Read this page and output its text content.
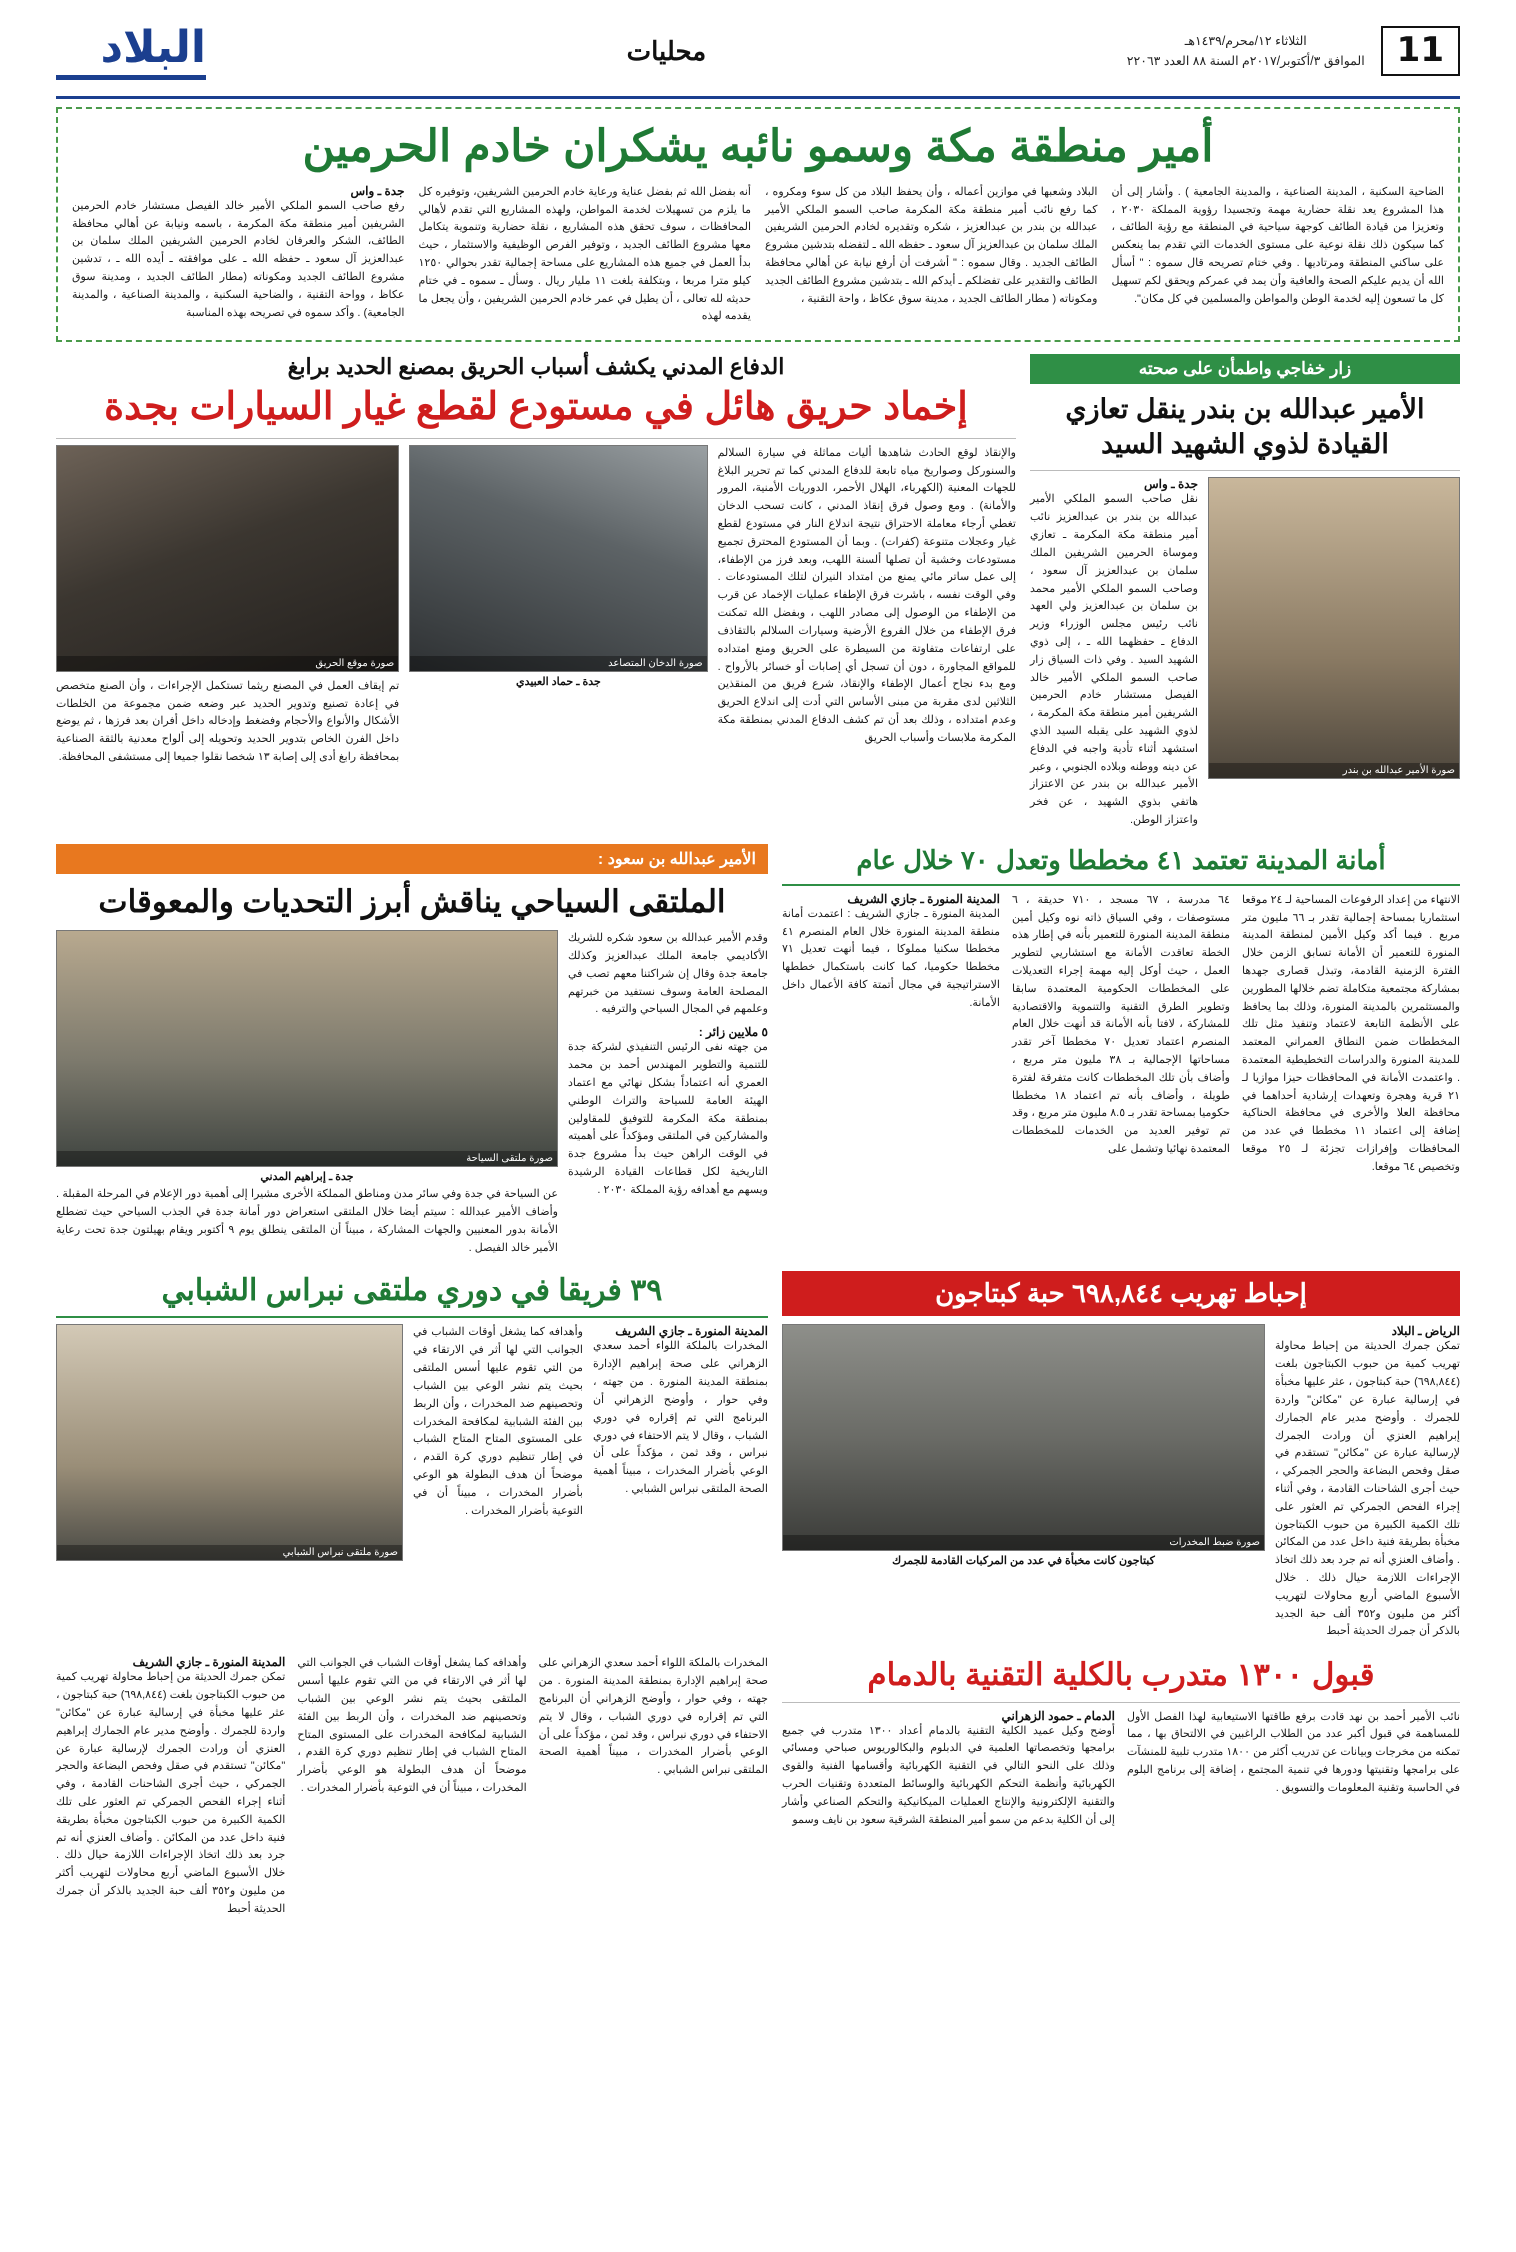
11
الثلاثاء ١٢/محرم/١٤٣٩هـ
الموافق ٣/أكتوبر/٢٠١٧م السنة ٨٨ العدد ٢٢٠٦٣
محليات
البلاد
أمير منطقة مكة وسمو نائبه يشكران خادم الحرمين
الضاحية السكنية ، المدينة الصناعية ، والمدينة الجامعية ) . وأشار إلى أن هذا المشروع يعد نقلة حضارية مهمة وتجسيدا رؤوية المملكة ٢٠٣٠ ، وتعزيزا من قيادة الطائف كوجهة سياحية في المنطقة مع رؤية الطائف ، كما سيكون ذلك نقلة نوعية على مستوى الخدمات التي تقدم بما ينعكس على ساكني المنطقة ومرتاديها . وفي ختام تصريحه قال سموه : " أسأل الله أن يديم عليكم الصحة والعافية وأن يمد في عمركم ويحقق لكم تسهيل كل ما تسعون إليه لخدمة الوطن والمواطن والمسلمين في كل مكان".
البلاد وشعبها في موازين أعماله ، وأن يحفظ البلاد من كل سوء ومكروه ، كما رفع نائب أمير منطقة مكة المكرمة صاحب السمو الملكي الأمير عبدالله بن بندر بن عبدالعزيز ، شكره وتقديره لخادم الحرمين الشريفين الملك سلمان بن عبدالعزيز آل سعود ـ حفظه الله ـ لتفضله بتدشين مشروع الطائف الجديد . وقال سموه : " أشرفت أن أرفع نيابة عن أهالي محافظة الطائف والتقدير على تفضلكم ـ أيدكم الله ـ بتدشين مشروع الطائف الجديد ومكوناته ( مطار الطائف الجديد ، مدينة سوق عكاظ ، واحة التقنية ،
أنه بفضل الله ثم بفضل عناية ورعاية خادم الحرمين الشريفين، وتوفيره كل ما يلزم من تسهيلات لخدمة المواطن، ولهذه المشاريع التي تقدم لأهالي المحافظات ، سوف تحقق هذه المشاريع ، نقلة حضارية وتنموية يتكامل معها مشروع الطائف الجديد ، وتوفير الفرص الوظيفية والاستثمار ، حيث بدأ العمل في جميع هذه المشاريع على مساحة إجمالية تقدر بحوالي ١٢٥٠ كيلو مترا مربعا ، وبتكلفة بلغت ١١ مليار ريال . وسأل ـ سموه ـ في ختام حديثه لله تعالى ، أن يطيل في عمر خادم الحرمين الشريفين ، وأن يجعل ما يقدمه لهذه
جدة ـ واس
رفع صاحب السمو الملكي الأمير خالد الفيصل مستشار خادم الحرمين الشريفين أمير منطقة مكة المكرمة ، باسمه ونيابة عن أهالي محافظة الطائف، الشكر والعرفان لخادم الحرمين الشريفين الملك سلمان بن عبدالعزيز آل سعود ـ حفظه الله ـ على موافقته ـ أيده الله ـ ، تدشين مشروع الطائف الجديد ومكوناته (مطار الطائف الجديد ، ومدينة سوق عكاظ ، وواحة التقنية ، والضاحية السكنية ، والمدينة الصناعية ، والمدينة الجامعية) . وأكد سموه في تصريحه بهذه المناسبة
زار خفاجي واطمأن على صحته
الأمير عبدالله بن بندر ينقل تعازي
القيادة لذوي الشهيد السيد
صورة الأمير عبدالله بن بندر
جدة ـ واس
نقل صاحب السمو الملكي الأمير عبدالله بن بندر بن عبدالعزيز نائب أمير منطقة مكة المكرمة ـ تعازي وموساة الحرمين الشريفين الملك سلمان بن عبدالعزيز آل سعود ، وصاحب السمو الملكي الأمير محمد بن سلمان بن عبدالعزيز ولي العهد نائب رئيس مجلس الوزراء وزير الدفاع ـ حفظهما الله ـ ، إلى ذوي الشهيد السيد . وفي ذات السياق زار صاحب السمو الملكي الأمير خالد الفيصل مستشار خادم الحرمين الشريفين أمير منطقة مكة المكرمة ، لذوي الشهيد على يقبله السيد الذي استشهد أثناء تأدية واجبه في الدفاع عن دينه ووطنه وبلاده الجنوبي ، وعبر الأمير عبدالله بن بندر عن الاعتزاز هاتفي بذوي الشهيد ، عن فخر واعتزاز الوطن.
الدفاع المدني يكشف أسباب الحريق بمصنع الحديد برابغ
إخماد حريق هائل في مستودع لقطع غيار السيارات بجدة
والإنقاذ لوقع الحادث شاهدها أليات مماثلة في سيارة السلالم والسنوركل وصواريخ مياه تابعة للدفاع المدني كما تم تحرير البلاغ للجهات المعنية (الكهرباء، الهلال الأحمر، الدوريات الأمنية، المرور والأمانة) . ومع وصول فرق إنقاذ المدني ، كانت تسحب الدخان تغطي أرجاء معاملة الاحتراق نتيجة اندلاع النار في مستودع لقطع غيار وعجلات متنوعة (كفرات) . وبما أن المستودع المحترق تجميع مستودعات وخشية أن تصلها ألسنة اللهب، وبعد فرز من الإطفاء، إلى عمل ساتر مائي يمنع من امتداد النيران لتلك المستودعات . وفي الوقت نفسه ، باشرت فرق الإطفاء عمليات الإخماد عن قرب من الإطفاء من الوصول إلى مصادر اللهب ، وبفضل الله تمكنت فرق الإطفاء من خلال الفروع الأرضية وسيارات السلالم بالتقاذف على ارتفاعات متفاوتة من السيطرة على الحريق ومنع امتداده للمواقع المجاورة ، دون أن تسجل أي إصابات أو خسائر بالأرواح . ومع بدء نجاح أعمال الإطفاء والإنقاذ، شرع فريق من المنقذين الثلاثين لدى مقربة من مبنى الأساس التي أدت إلى اندلاع الحريق وعدم امتداده ، وذلك بعد أن تم كشف الدفاع المدني بمنطقة مكة المكرمة ملابسات وأسباب الحريق
صورة الدخان المتصاعد
جدة ـ حماد العبيدي
صورة موقع الحريق
تم إيقاف العمل في المصنع ريثما تستكمل الإجراءات ، وأن الصنع متخصص في إعادة تصنيع وتدوير الحديد عبر وضعه ضمن مجموعة من الخلطات الأشكال والأنواع والأحجام وفضغط وإدخاله داخل أفران بعد فرزها ، ثم يوضع داخل الفرن الخاص بتدوير الحديد وتحويله إلى ألواح معدنية بالثقة الصناعية بمحافظة رابغ أدى إلى إصابة ١٣ شخصا نقلوا جميعا إلى مستشفى المحافظة.
أمانة المدينة تعتمد ٤١ مخططا وتعدل ٧٠ خلال عام
الانتهاء من إعداد الرفوعات المساحية لـ ٢٤ موقعا استثماريا بمساحة إجمالية تقدر بـ ٦٦ مليون متر مربع . فيما أكد وكيل الأمين لمنطقة المدينة المنورة للتعمير أن الأمانة تسابق الزمن خلال الفترة الزمنية القادمة، وتبذل قصارى جهدها بمشاركة مجتمعية متكاملة تضم خلالها المطورين والمستثمرين بالمدينة المنورة، وذلك بما يحافظ على الأنظمة التابعة لاعتماد وتنفيذ مثل تلك المخططات ضمن النطاق العمراني المعتمد للمدينة المنورة والدراسات التخطيطية المعتمدة . واعتمدت الأمانة في المحافظات حيزا موازيا لـ ٢١ قرية وهجرة وتعهدات إرشادية أحداهما في محافظة العلا والأخرى في محافظة الحناكية إضافة إلى اعتماد ١١ مخططا في عدد من المحافظات وإفرازات تجزئة لـ ٢٥ موقعا وتخصيص ٦٤ موقعا.
٦٤ مدرسة ، ٦٧ مسجد ، ٧١٠ حديقة ، ٦ مستوصفات ، وفي السياق ذاته نوه وكيل أمين منطقة المدينة المنورة للتعمير بأنه في إطار هذه الخطة تعاقدت الأمانة مع استشاريي لتطوير العمل ، حيث أوكل إليه مهمة إجراء التعديلات على المخططات الحكومية المعتمدة سابقا وتطوير الطرق التقنية والتنموية والاقتصادية للمشاركة ، لافتا بأنه الأمانة قد أنهت خلال العام المنصرم اعتماد تعديل ٧٠ مخططا آخر تقدر مساحاتها الإجمالية بـ ٣٨ مليون متر مربع ، وأضاف بأن تلك المخططات كانت متفرقة لفترة طويلة ، وأضاف بأنه تم اعتماد ١٨ مخططا حكوميا بمساحة تقدر بـ ٨.٥ مليون متر مربع ، وقد تم توفير العديد من الخدمات للمخططات المعتمدة نهائيا وتشمل على
المدينة المنورة ـ جازي الشريف
المدينة المنورة ـ جازي الشريف : اعتمدت أمانة منطقة المدينة المنورة خلال العام المنصرم ٤١ مخططا سكنيا مملوكا ، فيما أنهت تعديل ٧١ مخططا حكوميا، كما كانت باستكمال خططها الاستراتيجية في مجال أتمتة كافة الأعمال داخل الأمانة.
الأمير عبدالله بن سعود :
الملتقى السياحي يناقش أبرز التحديات والمعوقات
وقدم الأمير عبدالله بن سعود شكره للشريك الأكاديمي جامعة الملك عبدالعزيز وكذلك جامعة جدة وقال إن شراكتنا معهم تصب في المصلحة العامة وسوف نستفيد من خبرتهم وعلمهم في المجال السياحي والترفيه .
٥ ملايين زائر :
من جهته نفى الرئيس التنفيذي لشركة جدة للتنمية والتطوير المهندس أحمد بن محمد العمري أنه اعتماداً بشكل نهائي مع اعتماد الهيئة العامة للسياحة والتراث الوطني بمنطقة مكة المكرمة للتوفيق للمقاولين والمشاركين في الملتقى ومؤكداً على أهميته في الوقت الراهن حيث بدأ مشروع جدة التاريخية لكل قطاعات القيادة الرشيدة ويسهم مع أهدافه رؤية المملكة ٢٠٣٠ .
صورة ملتقى السياحة
جدة ـ إبراهيم المدني
عن السياحة في جدة وفي سائر مدن ومناطق المملكة الأخرى مشيرا إلى أهمية دور الإعلام في المرحلة المقبلة . وأضاف الأمير عبدالله : سيتم أيضا خلال الملتقى استعراض دور أمانة جدة في الجذب السياحي حيث تضطلع الأمانة بدور المعنيين والجهات المشاركة ، مبيناً أن الملتقى ينطلق يوم ٩ أكتوبر ويقام بهيلتون جدة تحت رعاية الأمير خالد الفيصل .
إحباط تهريب ٦٩٨,٨٤٤ حبة كبتاجون
الرياض ـ البلاد
تمكن جمرك الحديثة من إحباط محاولة تهريب كمية من حبوب الكبتاجون بلغت (٦٩٨,٨٤٤) حبة كبتاجون ، عثر عليها مخبأة في إرسالية عبارة عن "مكائن" واردة للجمرك . وأوضح مدير عام الجمارك إبراهيم العنزي أن ورادت الجمرك لإرسالية عبارة عن "مكائن" تستقدم في صقل وفحص البضاعة والحجر الجمركي ، حيث أجرى الشاحنات القادمة ، وفي أثناء إجراء الفحص الجمركي تم العثور على تلك الكمية الكبيرة من حبوب الكبتاجون مخبأة بطريقة فنية داخل عدد من المكائن . وأضاف العنزي أنه تم جرد بعد ذلك اتخاذ الإجراءات اللازمة حيال ذلك . خلال الأسبوع الماضي أربع محاولات لتهريب أكثر من مليون و٣٥٢ ألف حبة الجديد بالذكر أن جمرك الحديثة أحبط
صورة ضبط المخدرات
كبتاجون كانت مخبأة في عدد من المركبات القادمة للجمرك
٣٩ فريقا في دوري ملتقى نبراس الشبابي
المدينة المنورة ـ جازي الشريف
المخدرات بالملكة اللواء أحمد سعدي الزهراني على صحة إبراهيم الإدارة بمنطقة المدينة المنورة . من جهته ، وفي حوار ، وأوضح الزهراني أن البرنامج التي تم إقراره في دوري الشباب ، وقال لا يتم الاحتفاء في دوري نبراس ، وقد ثمن ، مؤكداً على أن الوعي بأضرار المخدرات ، مبيناً أهمية الصحة الملتقى نبراس الشبابي .
وأهدافه كما يشغل أوقات الشباب في الجوانب التي لها أثر في الارتقاء في من التي تقوم عليها أسس الملتقى بحيث يتم نشر الوعي بين الشباب وتحصينهم ضد المخدرات ، وأن الربط بين الفئة الشبابية لمكافحة المخدرات على المستوى المتاح المتاح الشباب في إطار تنظيم دوري كرة القدم ، موضحاً أن هدف البطولة هو الوعي بأضرار المخدرات ، مبيناً أن في التوعية بأضرار المخدرات .
صورة ملتقى نبراس الشبابي
قبول ١٣٠٠ متدرب بالكلية التقنية بالدمام
نائب الأمير أحمد بن نهد قادت برفع طاقتها الاستيعابية لهذا الفصل الأول للمساهمة في قبول أكبر عدد من الطلاب الراغبين في الالتحاق بها ، مما تمكنه من مخرجات وبيانات عن تدريب أكثر من ١٨٠٠ متدرب تلبية للمنشآت على برامجها وتقنيتها ودورها في تنمية المجتمع ، إضافة إلى برنامج البلوم في الحاسبة وتقنية المعلومات والتسويق .
الدمام ـ حمود الزهراني
أوضح وكيل عميد الكلية التقنية بالدمام أعداد ١٣٠٠ متدرب في جميع برامجها وتخصصاتها العلمية في الدبلوم والبكالوريوس صباحي ومسائي وذلك على النحو التالي في التقنية الكهربائية وأقسامها الفنية والقوى الكهربائية وأنظمة التحكم الكهربائية والوسائط المتعددة وتقنيات الحرب والتقنية الإلكترونية والإنتاج العمليات الميكانيكية والتحكم الصناعي وأشار إلى أن الكلية بدعم من سمو أمير المنطقة الشرقية سعود بن نايف وسمو
المخدرات بالملكة اللواء أحمد سعدي الزهراني على صحة إبراهيم الإدارة بمنطقة المدينة المنورة . من جهته ، وفي حوار ، وأوضح الزهراني أن البرنامج التي تم إقراره في دوري الشباب ، وقال لا يتم الاحتفاء في دوري نبراس ، وقد ثمن ، مؤكداً على أن الوعي بأضرار المخدرات ، مبيناً أهمية الصحة الملتقى نبراس الشبابي .
وأهدافه كما يشغل أوقات الشباب في الجوانب التي لها أثر في الارتقاء في من التي تقوم عليها أسس الملتقى بحيث يتم نشر الوعي بين الشباب وتحصينهم ضد المخدرات ، وأن الربط بين الفئة الشبابية لمكافحة المخدرات على المستوى المتاح المتاح الشباب في إطار تنظيم دوري كرة القدم ، موضحاً أن هدف البطولة هو الوعي بأضرار المخدرات ، مبيناً أن في التوعية بأضرار المخدرات .
المدينة المنورة ـ جازي الشريف
تمكن جمرك الحديثة من إحباط محاولة تهريب كمية من حبوب الكبتاجون بلغت (٦٩٨,٨٤٤) حبة كبتاجون ، عثر عليها مخبأة في إرسالية عبارة عن "مكائن" واردة للجمرك . وأوضح مدير عام الجمارك إبراهيم العنزي أن ورادت الجمرك لإرسالية عبارة عن "مكائن" تستقدم في صقل وفحص البضاعة والحجر الجمركي ، حيث أجرى الشاحنات القادمة ، وفي أثناء إجراء الفحص الجمركي تم العثور على تلك الكمية الكبيرة من حبوب الكبتاجون مخبأة بطريقة فنية داخل عدد من المكائن . وأضاف العنزي أنه تم جرد بعد ذلك اتخاذ الإجراءات اللازمة حيال ذلك . خلال الأسبوع الماضي أربع محاولات لتهريب أكثر من مليون و٣٥٢ ألف حبة الجديد بالذكر أن جمرك الحديثة أحبط
